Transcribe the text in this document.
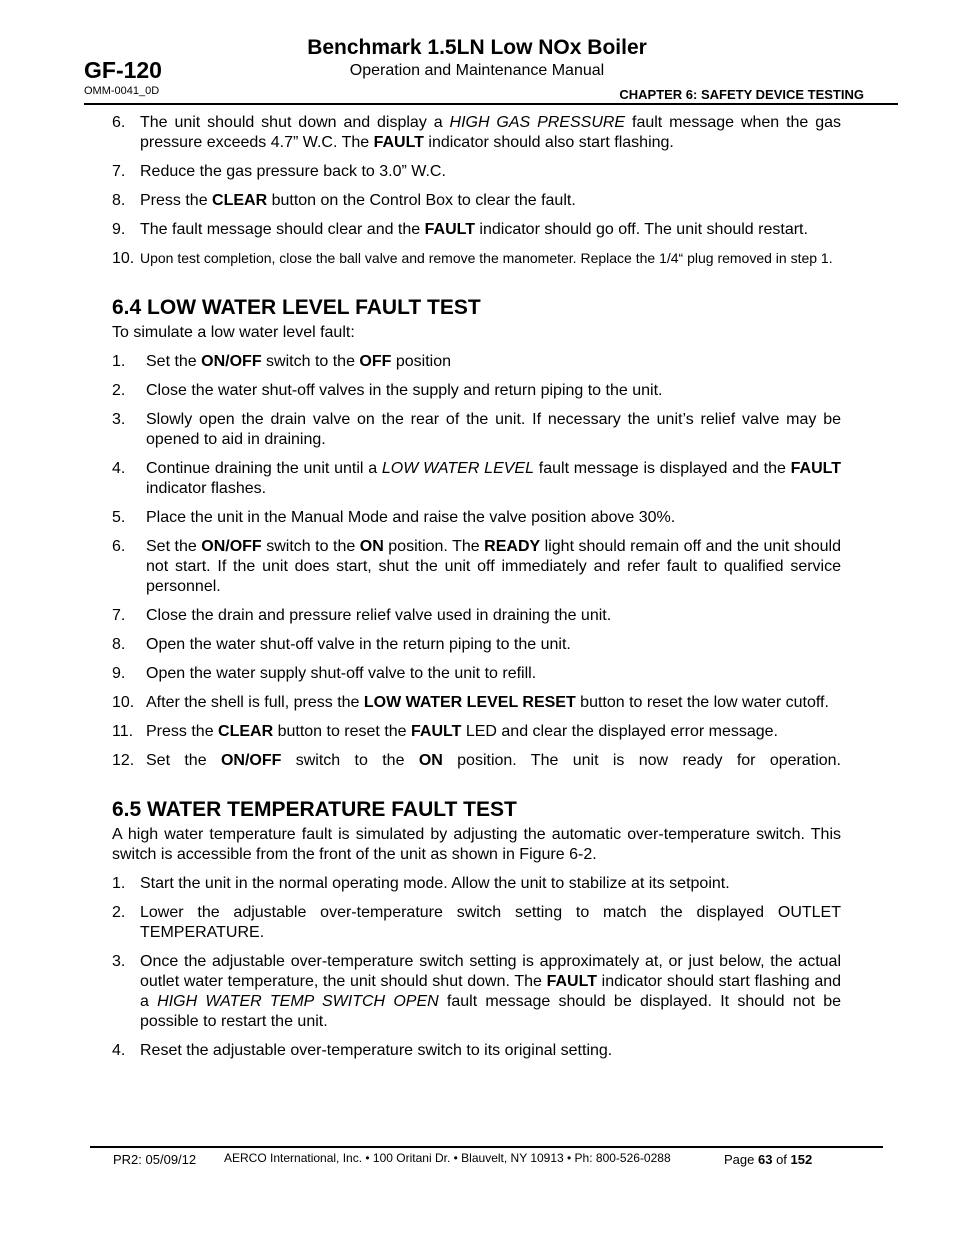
Benchmark 1.5LN Low NOx Boiler
Operation and Maintenance Manual
GF-120
OMM-0041_0D	CHAPTER 6: SAFETY DEVICE TESTING
6. The unit should shut down and display a HIGH GAS PRESSURE fault message when the gas pressure exceeds 4.7” W.C. The FAULT indicator should also start flashing.
7. Reduce the gas pressure back to 3.0” W.C.
8. Press the CLEAR button on the Control Box to clear the fault.
9. The fault message should clear and the FAULT indicator should go off. The unit should restart.
10. Upon test completion, close the ball valve and remove the manometer. Replace the 1/4“ plug removed in step 1.
6.4 LOW WATER LEVEL FAULT TEST

To simulate a low water level fault:

1. Set the ON/OFF switch to the OFF position
2. Close the water shut-off valves in the supply and return piping to the unit.
3. Slowly open the drain valve on the rear of the unit. If necessary the unit’s relief valve may be opened to aid in draining.
4. Continue draining the unit until a LOW WATER LEVEL fault message is displayed and the FAULT indicator flashes.
5. Place the unit in the Manual Mode and raise the valve position above 30%.
6. Set the ON/OFF switch to the ON position. The READY light should remain off and the unit should not start. If the unit does start, shut the unit off immediately and refer fault to qualified service personnel.
7. Close the drain and pressure relief valve used in draining the unit.
8. Open the water shut-off valve in the return piping to the unit.
9. Open the water supply shut-off valve to the unit to refill.
10. After the shell is full, press the LOW WATER LEVEL RESET button to reset the low water cutoff.
11. Press the CLEAR button to reset the FAULT LED and clear the displayed error message.
12. Set the ON/OFF switch to the ON position. The unit is now ready for operation.
6.5 WATER TEMPERATURE FAULT TEST

A high water temperature fault is simulated by adjusting the automatic over-temperature switch. This switch is accessible from the front of the unit as shown in Figure 6-2.

1. Start the unit in the normal operating mode. Allow the unit to stabilize at its setpoint.
2. Lower the adjustable over-temperature switch setting to match the displayed OUTLET TEMPERATURE.
3. Once the adjustable over-temperature switch setting is approximately at, or just below, the actual outlet water temperature, the unit should shut down. The FAULT indicator should start flashing and a HIGH WATER TEMP SWITCH OPEN fault message should be displayed. It should not be possible to restart the unit.
4. Reset the adjustable over-temperature switch to its original setting.
PR2: 05/09/12 AERCO International, Inc. • 100 Oritani Dr. • Blauvelt, NY 10913 • Ph: 800-526-0288	Page 63 of 152
